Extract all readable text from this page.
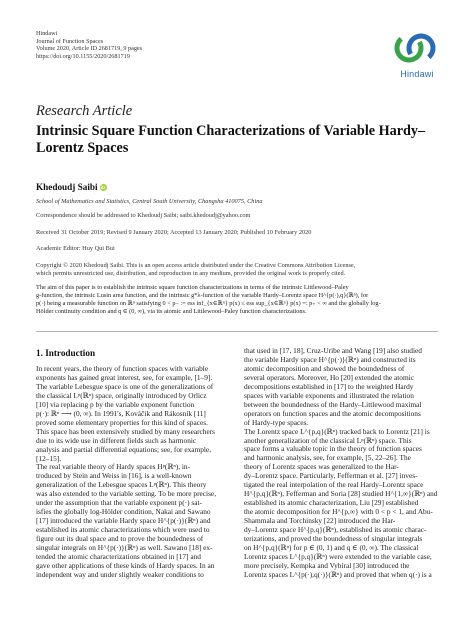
Hindawi
Journal of Function Spaces
Volume 2020, Article ID 2681719, 9 pages
https://doi.org/10.1155/2020/2681719
Hindawi
Research Article
Intrinsic Square Function Characterizations of Variable Hardy–Lorentz Spaces
Khedoudj Saibi iD
School of Mathematics and Statistics, Central South University, Changsha 410075, China
Correspondence should be addressed to Khedoudj Saibi; saibi.khedoudj@yahoo.com
Received 31 October 2019; Revised 9 January 2020; Accepted 13 January 2020; Published 10 February 2020
Academic Editor: Huy Qui Bui
Copyright © 2020 Khedoudj Saibi. This is an open access article distributed under the Creative Commons Attribution License,
which permits unrestricted use, distribution, and reproduction in any medium, provided the original work is properly cited.
The aim of this paper is to establish the intrinsic square function characterizations in terms of the intrinsic Littlewood–Paley
g-function, the intrinsic Lusin area function, and the intrinsic g*λ-function of the variable Hardy–Lorentz space H^{p(·),q}(ℝⁿ), for
p(·) being a measurable function on ℝⁿ satisfying 0 < p₋ := ess inf_{x∈ℝⁿ} p(x) ≤ ess sup_{x∈ℝⁿ} p(x) =: p₊ < ∞ and the globally log-
Hölder continuity condition and q ∈ (0, ∞), via its atomic and Littlewood–Paley function characterizations.
1. Introduction
In recent years, the theory of function spaces with variable
exponents has gained great interest, see, for example, [1–9].
The variable Lebesgue space is one of the generalizations of
the classical Lᵖ(ℝⁿ) space, originally introduced by Orlicz
[10] via replacing p by the variable exponent function
p(·): ℝⁿ ⟶ (0, ∞). In 1991's, Kováčik and Rákosník [11]
proved some elementary properties for this kind of spaces.
This space has been extensively studied by many researchers
due to its wide use in different fields such as harmonic
analysis and partial differential equations; see, for example,
[12–15].
The real variable theory of Hardy spaces Hᵖ(ℝⁿ), in-
troduced by Stein and Weiss in [16], is a well-known
generalization of the Lebesgue spaces Lᵖ(ℝⁿ). This theory
was also extended to the variable setting. To be more precise,
under the assumption that the variable exponent p(·) sat-
isfies the globally log-Hölder condition, Nakai and Sawano
[17] introduced the variable Hardy space H^{p(·)}(ℝⁿ) and
established its atomic characterizations which were used to
figure out its dual space and to prove the boundedness of
singular integrals on H^{p(·)}(ℝⁿ) as well. Sawano [18] ex-
tended the atomic characterizations obtained in [17] and
gave other applications of these kinds of Hardy spaces. In an
independent way and under slightly weaker conditions to
that used in [17, 18], Cruz-Uribe and Wang [19] also studied
the variable Hardy space H^{p(·)}(ℝⁿ) and constructed its
atomic decomposition and showed the boundedness of
several operators. Moreover, Ho [20] extended the atomic
decompositions established in [17] to the weighted Hardy
spaces with variable exponents and illustrated the relation
between the boundedness of the Hardy–Littlewood maximal
operators on function spaces and the atomic decompositions
of Hardy-type spaces.
The Lorentz space L^{p,q}(ℝⁿ) tracked back to Lorentz [21] is
another generalization of the classical Lᵖ(ℝⁿ) space. This
space forms a valuable topic in the theory of function spaces
and harmonic analysis, see, for example, [5, 22–26]. The
theory of Lorentz spaces was generalized to the Har-
dy–Lorentz space. Particularly, Fefferman et al. [27] inves-
tigated the real interpolation of the real Hardy–Lorentz space
H^{p,q}(ℝⁿ), Fefferman and Soria [28] studied H^{1,∞}(ℝⁿ) and
established its atomic characterization, Liu [29] established
the atomic decomposition for H^{p,∞} with 0 < p < 1, and Abu-
Shammala and Torchinsky [22] introduced the Har-
dy–Lorentz space H^{p,q}(ℝⁿ), established its atomic charac-
terizations, and proved the boundedness of singular integrals
on H^{p,q}(ℝⁿ) for p ∈ (0, 1) and q ∈ (0, ∞). The classical
Lorentz spaces L^{p,q}(ℝⁿ) were extended to the variable case,
more precisely, Kempka and Vybíral [30] introduced the
Lorentz spaces L^{p(·),q(·)}(ℝⁿ) and proved that when q(·) is a
